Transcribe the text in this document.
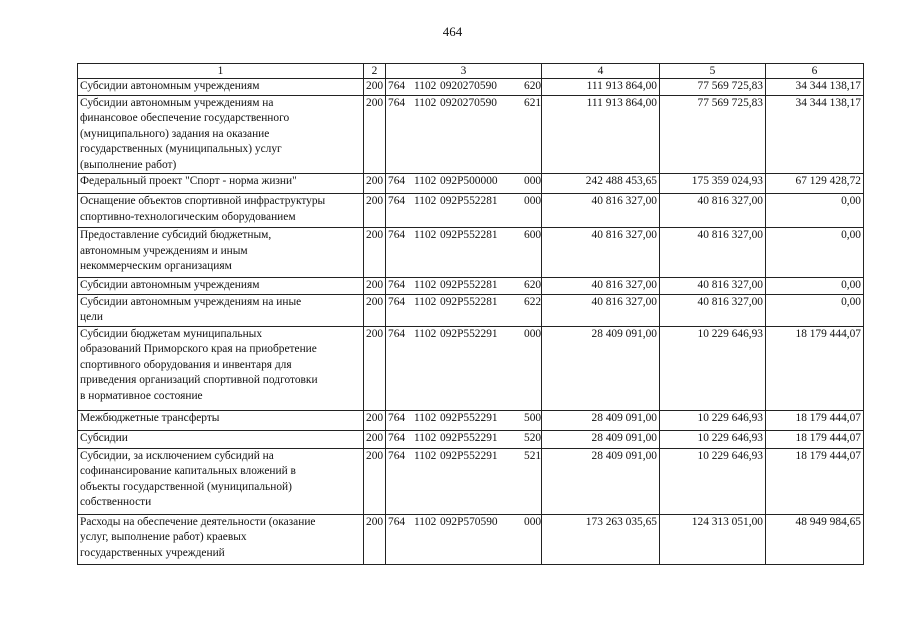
464
1	2	3	4	5	6
Субсидии автономным учреждениям	200	764 1102 0920270590 620	111 913 864,00	77 569 725,83	34 344 138,17
Субсидии автономным учреждениям на
финансовое обеспечение государственного
(муниципального) задания на оказание
государственных (муниципальных) услуг
(выполнение работ)	200	764 1102 0920270590 621	111 913 864,00	77 569 725,83	34 344 138,17
Федеральный проект "Спорт - норма жизни"	200	764 1102 092P500000 000	242 488 453,65	175 359 024,93	67 129 428,72
Оснащение объектов спортивной инфраструктуры
спортивно-технологическим оборудованием	200	764 1102 092P552281 000	40 816 327,00	40 816 327,00	0,00
Предоставление субсидий бюджетным,
автономным учреждениям и иным
некоммерческим организациям	200	764 1102 092P552281 600	40 816 327,00	40 816 327,00	0,00
Субсидии автономным учреждениям	200	764 1102 092P552281 620	40 816 327,00	40 816 327,00	0,00
Субсидии автономным учреждениям на иные
цели	200	764 1102 092P552281 622	40 816 327,00	40 816 327,00	0,00
Субсидии бюджетам муниципальных
образований Приморского края на приобретение
спортивного оборудования и инвентаря для
приведения организаций спортивной подготовки
в нормативное состояние	200	764 1102 092P552291 000	28 409 091,00	10 229 646,93	18 179 444,07
Межбюджетные трансферты	200	764 1102 092P552291 500	28 409 091,00	10 229 646,93	18 179 444,07
Субсидии	200	764 1102 092P552291 520	28 409 091,00	10 229 646,93	18 179 444,07
Субсидии, за исключением субсидий на
софинансирование капитальных вложений в
объекты государственной (муниципальной)
собственности	200	764 1102 092P552291 521	28 409 091,00	10 229 646,93	18 179 444,07
Расходы на обеспечение деятельности (оказание
услуг, выполнение работ) краевых
государственных учреждений	200	764 1102 092P570590 000	173 263 035,65	124 313 051,00	48 949 984,65
